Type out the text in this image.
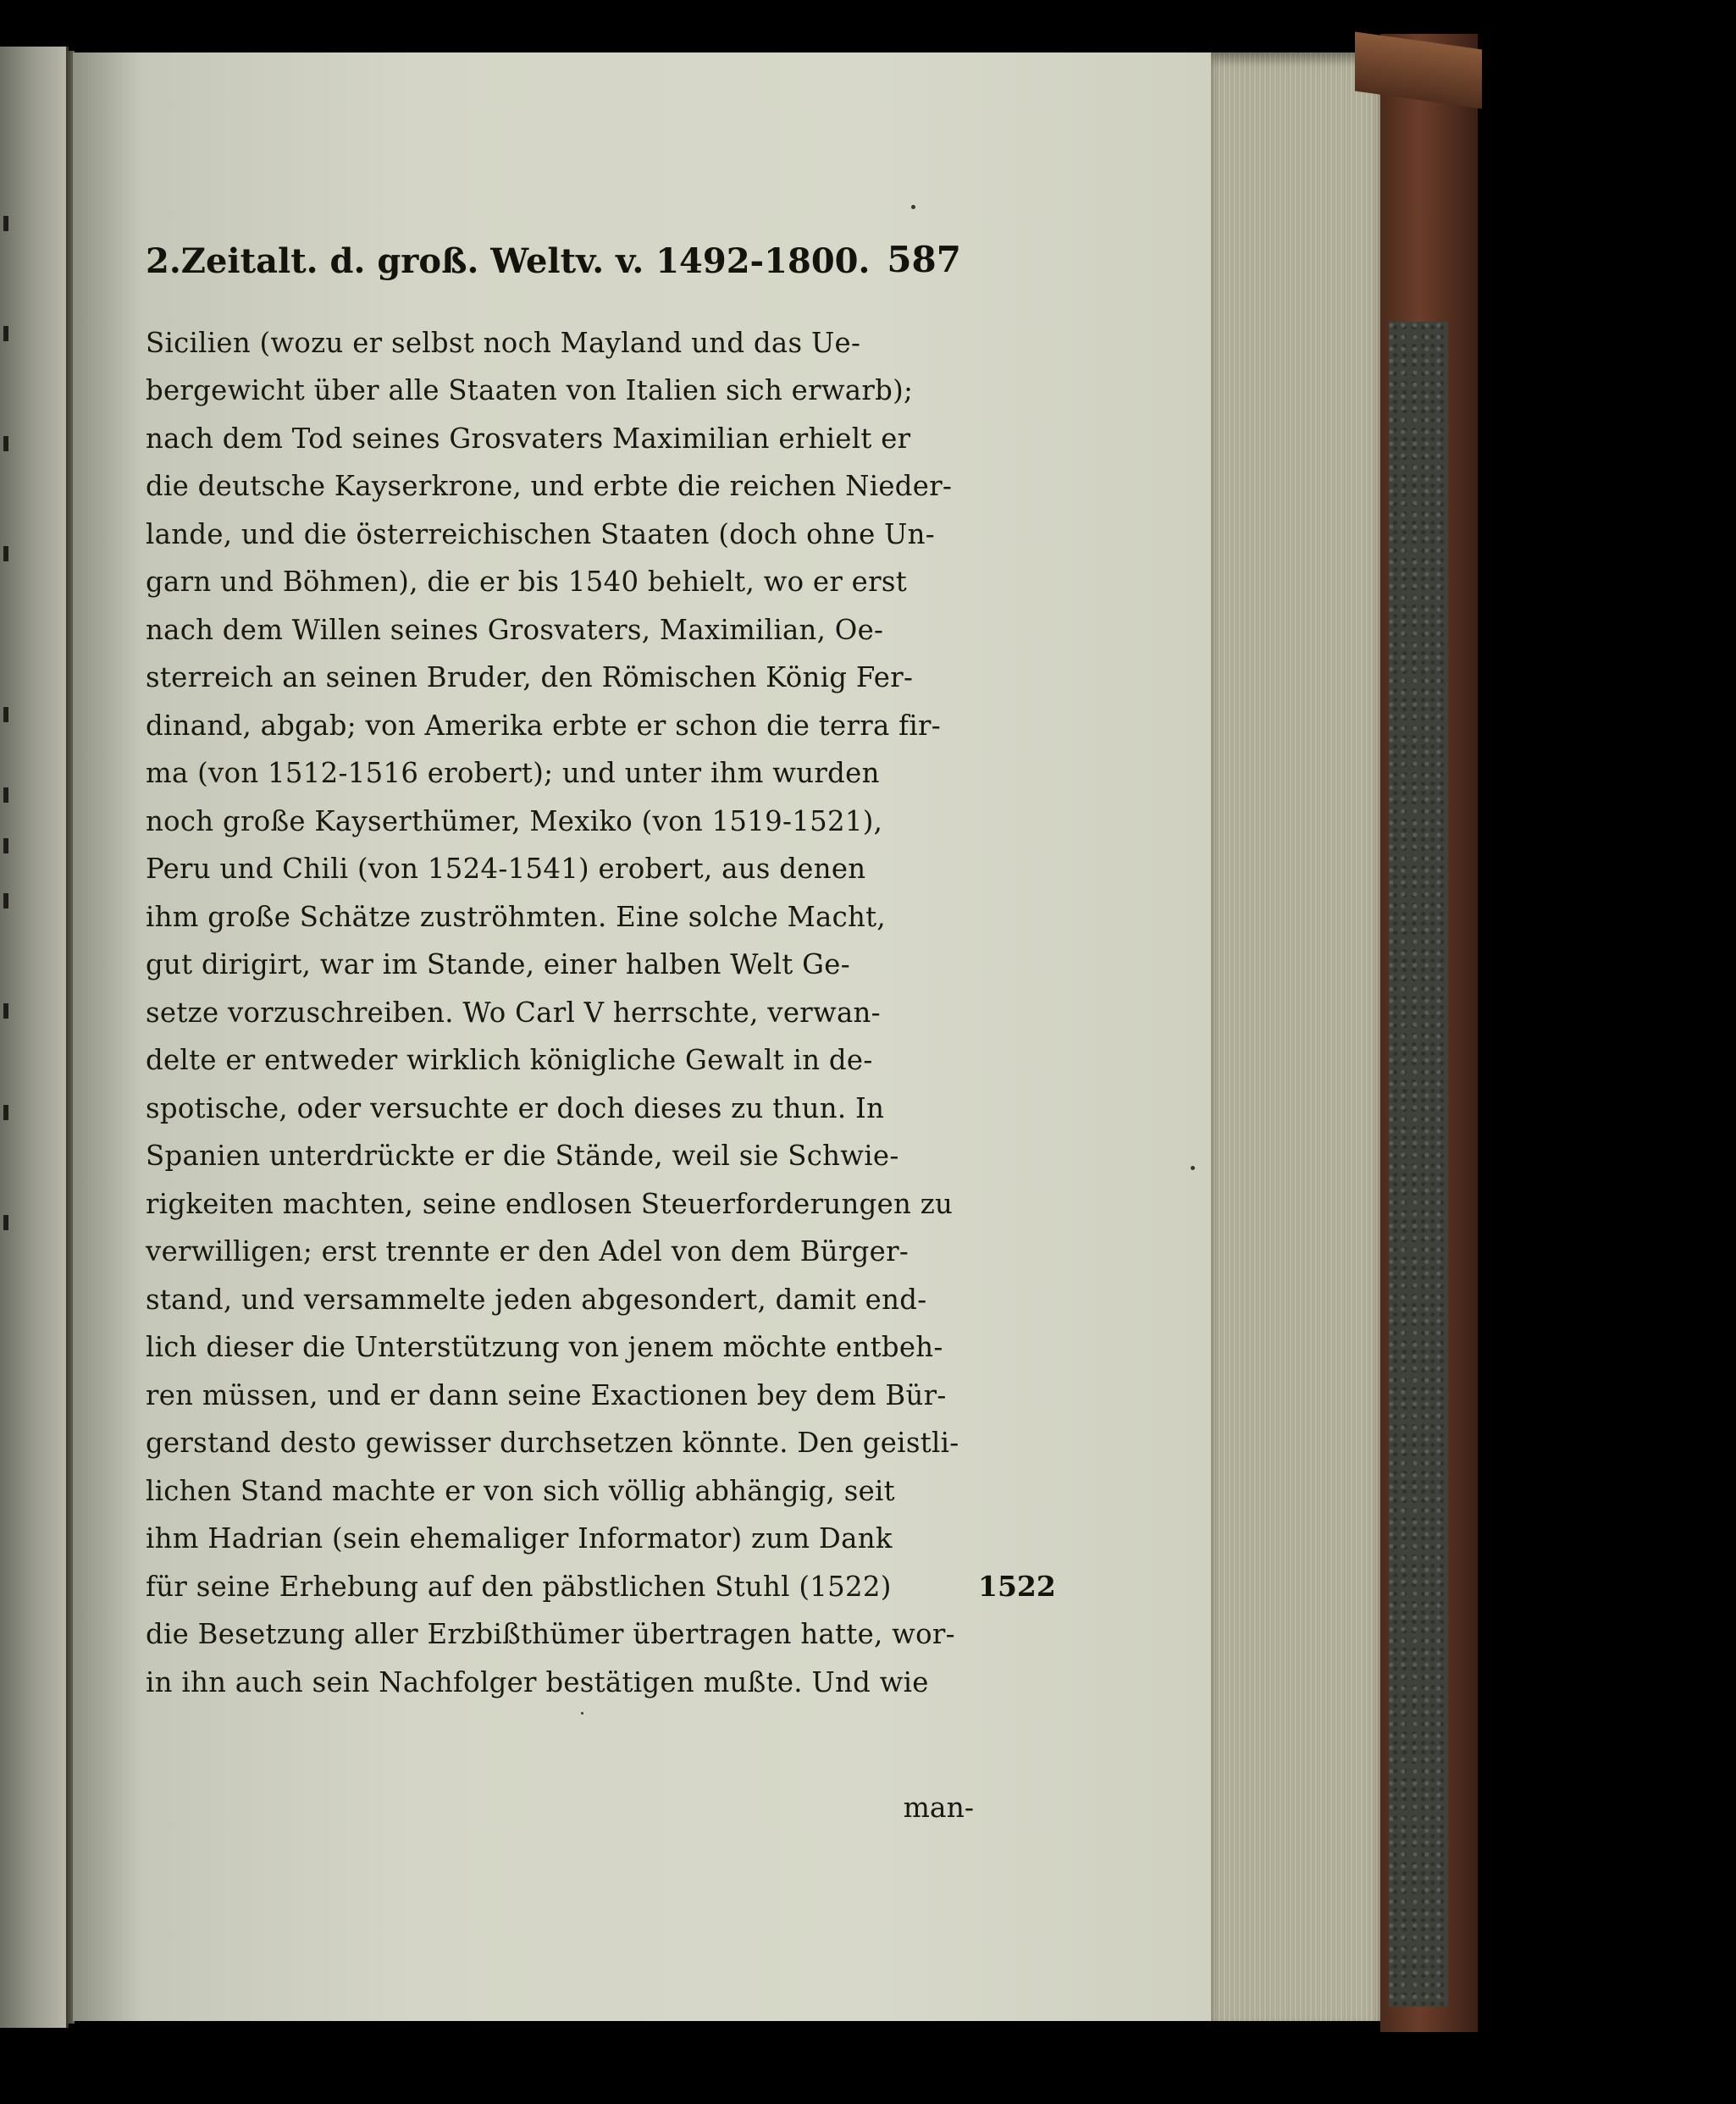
2.Zeitalt. d. groß. Weltv. v. 1492-1800. 587
Sicilien (wozu er selbst noch Mayland und das Ue-
bergewicht über alle Staaten von Italien sich erwarb);
nach dem Tod seines Grosvaters Maximilian erhielt er
die deutsche Kayserkrone, und erbte die reichen Nieder-
lande, und die österreichischen Staaten (doch ohne Un-
garn und Böhmen), die er bis 1540 behielt, wo er erst
nach dem Willen seines Grosvaters, Maximilian, Oe-
sterreich an seinen Bruder, den Römischen König Fer-
dinand, abgab; von Amerika erbte er schon die terra fir-
ma (von 1512-1516 erobert); und unter ihm wurden
noch große Kayserthümer, Mexiko (von 1519-1521),
Peru und Chili (von 1524-1541) erobert, aus denen
ihm große Schätze zuströhmten. Eine solche Macht,
gut dirigirt, war im Stande, einer halben Welt Ge-
setze vorzuschreiben. Wo Carl V herrschte, verwan-
delte er entweder wirklich königliche Gewalt in de-
spotische, oder versuchte er doch dieses zu thun. In
Spanien unterdrückte er die Stände, weil sie Schwie-
rigkeiten machten, seine endlosen Steuerforderungen zu
verwilligen; erst trennte er den Adel von dem Bürger-
stand, und versammelte jeden abgesondert, damit end-
lich dieser die Unterstützung von jenem möchte entbeh-
ren müssen, und er dann seine Exactionen bey dem Bür-
gerstand desto gewisser durchsetzen könnte. Den geistli-
lichen Stand machte er von sich völlig abhängig, seit
ihm Hadrian (sein ehemaliger Informator) zum Dank
für seine Erhebung auf den päbstlichen Stuhl (1522)
die Besetzung aller Erzbißthümer übertragen hatte, wor-
in ihn auch sein Nachfolger bestätigen mußte. Und wie
1522
man-
